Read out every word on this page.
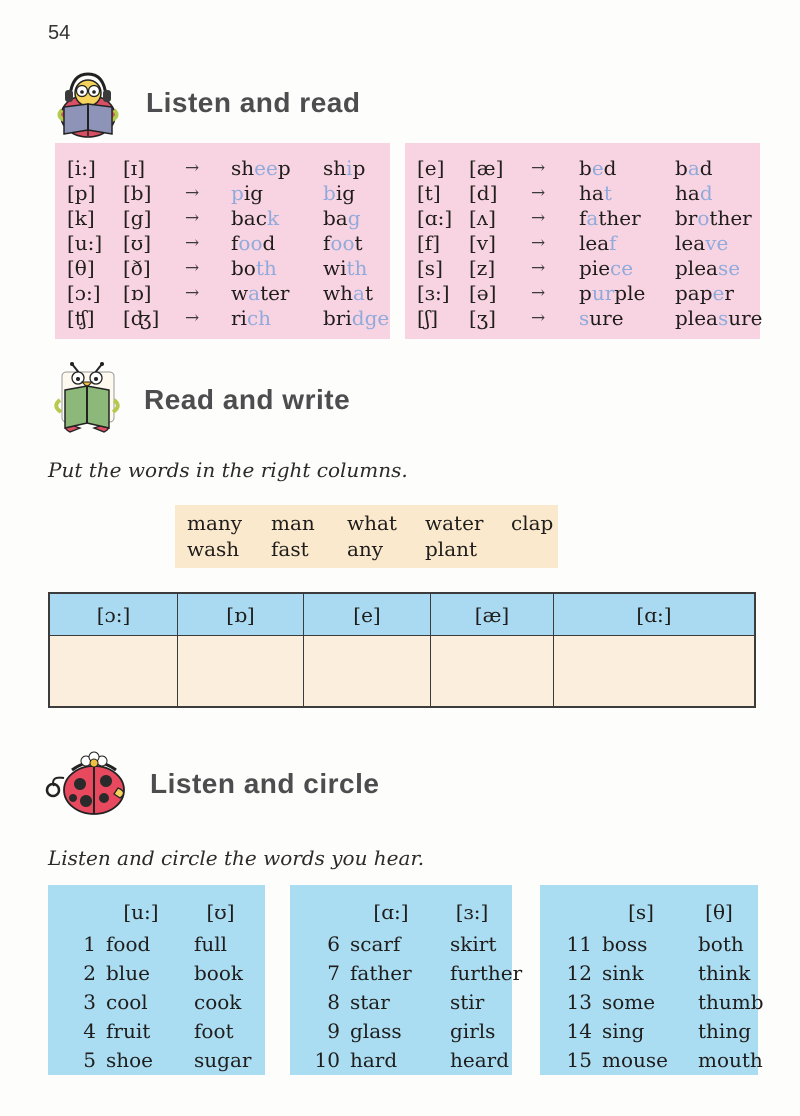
54
Listen and read
[i:]	[ɪ]	→	sheep	ship
[p]	[b]	→	pig	big
[k]	[g]	→	back	bag
[u:]	[ʊ]	→	food	foot
[θ]	[ð]	→	both	with
[ɔ:]	[ɒ]	→	water	what
[ʧ]	[ʤ]	→	rich	bridge
[e]	[æ]	→	bed	bad
[t]	[d]	→	hat	had
[ɑ:] [ʌ]	→	father	brother
[f]	[v]	→	leaf	leave
[s]	[z]	→	piece	please
[ɜ:] [ə]	→	purple	paper
[ʃ]	[ʒ]	→	sure	pleasure
Read and write
Put the words in the right columns.
many	man	what	water	clap
wash	fast	any	plant
[ɔ:]	[ɒ]	[e]	[æ]	[ɑ:]
Listen and circle
Listen and circle the words you hear.
[u:]	[ʊ]
1 food	full
2 blue	book
3 cool	cook
4 fruit	foot
5 shoe	sugar
[ɑ:]	[ɜ:]
6 scarf	skirt
7 father	further
8 star	stir
9 glass	girls
10 hard	heard
[s]	[θ]
11 boss	both
12 sink	think
13 some	thumb
14 sing	thing
15 mouse	mouth
